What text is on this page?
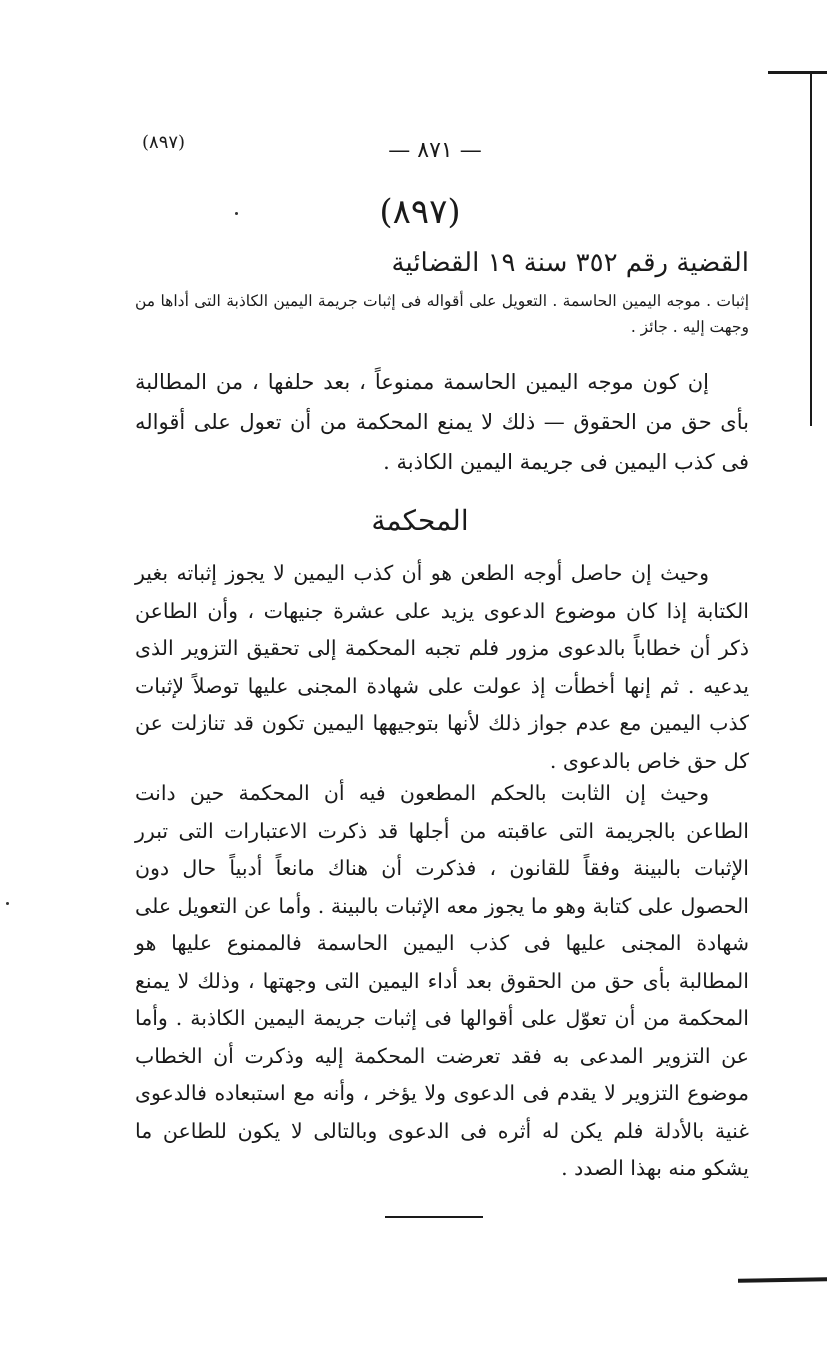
(٨٩٧)	— ٨٧١ —
(٨٩٧)
القضية رقم ٣٥٢ سنة ١٩ القضائية

إثبات . موجه اليمين الحاسمة . التعويل على أقواله فى إثبات جريمة اليمين الكاذبة التى أداها من وجهت إليه . جائز .

إن كون موجه اليمين الحاسمة ممنوعاً ، بعد حلفها ، من المطالبة بأى حق من الحقوق — ذلك لا يمنع المحكمة من أن تعول على أقواله فى كذب اليمين فى جريمة اليمين الكاذبة .

المحكمة

وحيث إن حاصل أوجه الطعن هو أن كذب اليمين لا يجوز إثباته بغير الكتابة إذا كان موضوع الدعوى يزيد على عشرة جنيهات ، وأن الطاعن ذكر أن خطاباً بالدعوى مزور فلم تجبه المحكمة إلى تحقيق التزوير الذى يدعيه . ثم إنها أخطأت إذ عولت على شهادة المجنى عليها توصلاً لإثبات كذب اليمين مع عدم جواز ذلك لأنها بتوجيهها اليمين تكون قد تنازلت عن كل حق خاص بالدعوى .

وحيث إن الثابت بالحكم المطعون فيه أن المحكمة حين دانت الطاعن بالجريمة التى عاقبته من أجلها قد ذكرت الاعتبارات التى تبرر الإثبات بالبينة وفقاً للقانون ، فذكرت أن هناك مانعاً أدبياً حال دون الحصول على كتابة وهو ما يجوز معه الإثبات بالبينة . وأما عن التعويل على شهادة المجنى عليها فى كذب اليمين الحاسمة فالممنوع عليها هو المطالبة بأى حق من الحقوق بعد أداء اليمين التى وجهتها ، وذلك لا يمنع المحكمة من أن تعوّل على أقوالها فى إثبات جريمة اليمين الكاذبة . وأما عن التزوير المدعى به فقد تعرضت المحكمة إليه وذكرت أن الخطاب موضوع التزوير لا يقدم فى الدعوى ولا يؤخر ، وأنه مع استبعاده فالدعوى غنية بالأدلة فلم يكن له أثره فى الدعوى وبالتالى لا يكون للطاعن ما يشكو منه بهذا الصدد .
